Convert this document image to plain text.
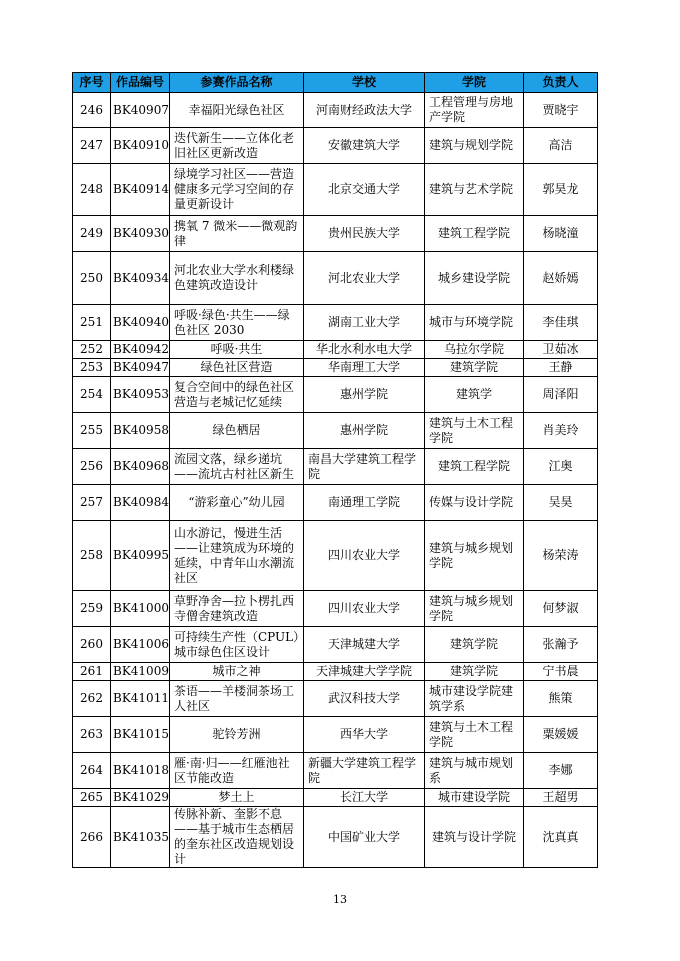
序号	作品编号	参赛作品名称	学校	学院	负责人
246	BK40907	幸福阳光绿色社区	河南财经政法大学	工程管理与房地产学院	贾晓宇
247	BK40910	迭代新生——立体化老旧社区更新改造	安徽建筑大学	建筑与规划学院	高洁
248	BK40914	绿境学习社区——营造健康多元学习空间的存量更新设计	北京交通大学	建筑与艺术学院	郭昊龙
249	BK40930	携氧 7 微米——微观韵律	贵州民族大学	建筑工程学院	杨晓潼
250	BK40934	河北农业大学水利楼绿色建筑改造设计	河北农业大学	城乡建设学院	赵娇嫣
251	BK40940	呼吸·绿色·共生——绿色社区 2030	湖南工业大学	城市与环境学院	李佳琪
252	BK40942	呼吸·共生	华北水利水电大学	乌拉尔学院	卫茹冰
253	BK40947	绿色社区营造	华南理工大学	建筑学院	王静
254	BK40953	复合空间中的绿色社区营造与老城记忆延续	惠州学院	建筑学	周泽阳
255	BK40958	绿色栖居	惠州学院	建筑与土木工程学院	肖美玲
256	BK40968	流园文落，绿乡递坑——流坑古村社区新生	南昌大学建筑工程学院	建筑工程学院	江奥
257	BK40984	“游彩童心”幼儿园	南通理工学院	传媒与设计学院	吴昊
258	BK40995	山水游记，慢进生活——让建筑成为环境的延续，中青年山水潮流社区	四川农业大学	建筑与城乡规划学院	杨荣涛
259	BK41000	草野净舍—拉卜楞扎西寺僧舍建筑改造	四川农业大学	建筑与城乡规划学院	何梦淑
260	BK41006	可持续生产性（CPUL）城市绿色住区设计	天津城建大学	建筑学院	张瀚予
261	BK41009	城市之神	天津城建大学学院	建筑学院	宁书晨
262	BK41011	茶语——羊楼洞茶场工人社区	武汉科技大学	城市建设学院建筑学系	熊策
263	BK41015	驼铃芳洲	西华大学	建筑与土木工程学院	粟媛媛
264	BK41018	雁·南·归——红雁池社区节能改造	新疆大学建筑工程学院	建筑与城市规划系	李娜
265	BK41029	梦土上	长江大学	城市建设学院	王超男
266	BK41035	传脉补新、奎影不息——基于城市生态栖居的奎东社区改造规划设计	中国矿业大学	建筑与设计学院	沈真真
13
